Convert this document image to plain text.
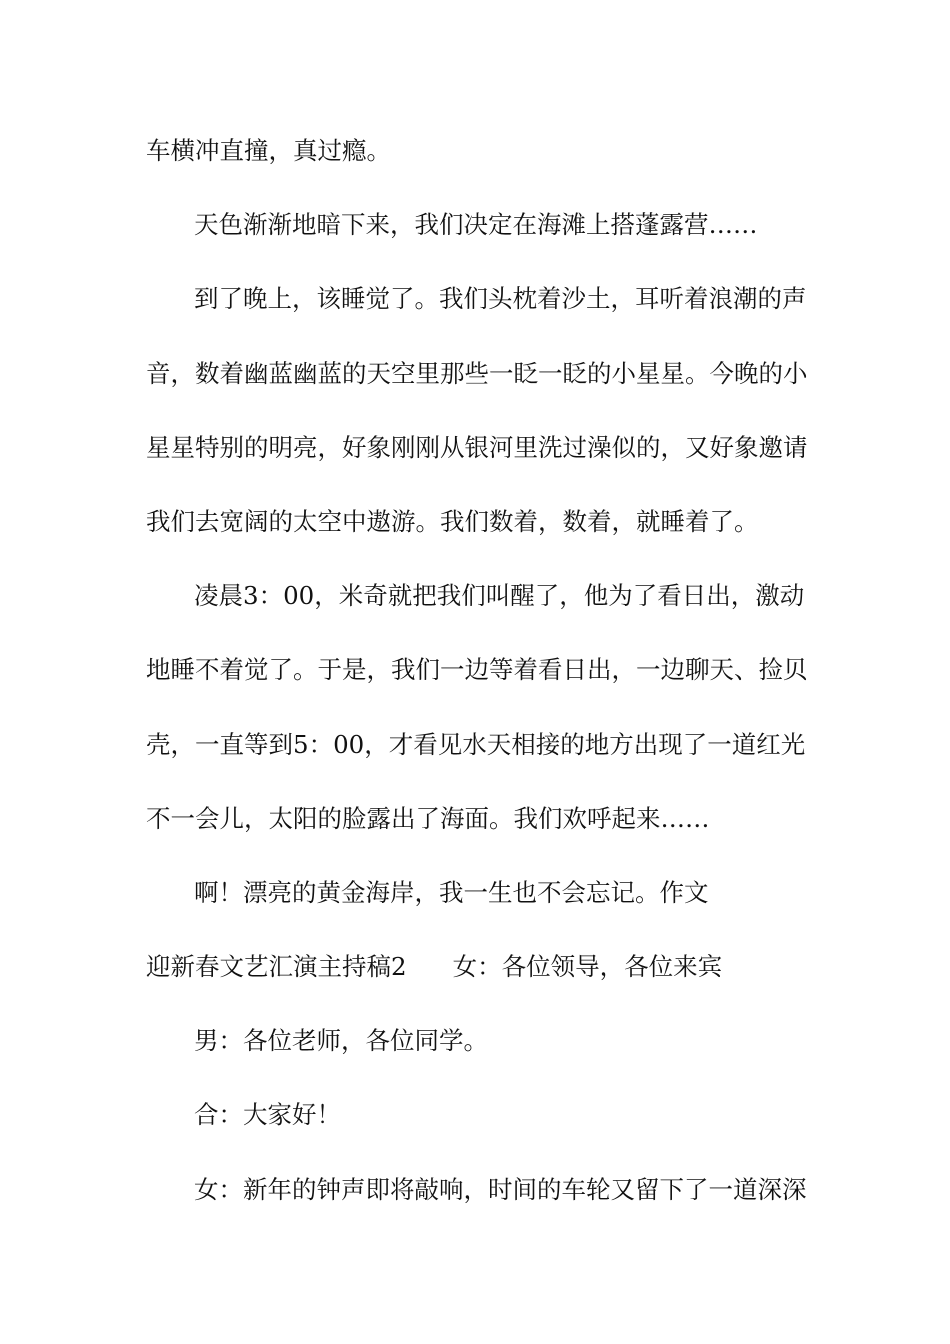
车横冲直撞，真过瘾。
天色渐渐地暗下来，我们决定在海滩上搭蓬露营……
到了晚上，该睡觉了。我们头枕着沙土，耳听着浪潮的声
音，数着幽蓝幽蓝的天空里那些一眨一眨的小星星。今晚的小
星星特别的明亮，好象刚刚从银河里洗过澡似的，又好象邀请
我们去宽阔的太空中遨游。我们数着，数着，就睡着了。
凌晨3：00，米奇就把我们叫醒了，他为了看日出，激动
地睡不着觉了。于是，我们一边等着看日出，一边聊天、捡贝
壳，一直等到5：00，才看见水天相接的地方出现了一道红光
不一会儿，太阳的脸露出了海面。我们欢呼起来……
啊！漂亮的黄金海岸，我一生也不会忘记。作文
迎新春文艺汇演主持稿2 女：各位领导，各位来宾
男：各位老师，各位同学。
合：大家好！
女：新年的钟声即将敲响，时间的车轮又留下了一道深深
